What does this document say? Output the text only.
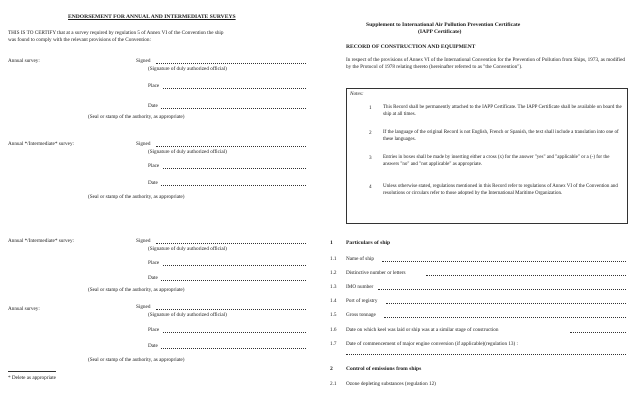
ENDORSEMENT FOR ANNUAL AND INTERMEDIATE SURVEYS
THIS IS TO CERTIFY that at a survey required by regulation 5 of Annex VI of the Convention the ship
was found to comply with the relevant provisions of the Convention:
Annual survey:	Signed
(Signature of duly authorized official)
Place
Date
(Seal or stamp of the authority, as appropriate)
Annual */Intermediate* survey:	Signed
(Signature of duly authorized official)
Place
Date
(Seal or stamp of the authority, as appropriate)
Annual */Intermediate* survey:	Signed
(Signature of duly authorized official)
Place
Date
(Seal or stamp of the authority, as appropriate)
Annual survey:	Signed
(Signature of duly authorized official)
Place
Date
(Seal or stamp of the authority, as appropriate)
* Delete as appropriate
Supplement to International Air Pollution Prevention Certificate
(IAPP Certificate)
RECORD OF CONSTRUCTION AND EQUIPMENT
In respect of the provisions of Annex VI of the International Convention for the Prevention of Pollution from Ships, 1973, as modified by the Protocol of 1978 relating thereto (hereinafter referred to as "the Convention").
Notes:
1 This Record shall be permanently attached to the IAPP Certificate. The IAPP Certificate shall be available on board the ship at all times.
2 If the language of the original Record is not English, French or Spanish, the text shall include a translation into one of these languages.
3 Entries in boxes shall be made by inserting either a cross (x) for the answer "yes" and "applicable" or a (-) for the answers "no" and "not applicable" as appropriate.
4 Unless otherwise stated, regulations mentioned in this Record refer to regulations of Annex VI of the Convention and resolutions or circulars refer to those adopted by the International Maritime Organization.
1 Particulars of ship
1.1 Name of ship
1.2 Distinctive number or letters
1.3 IMO number
1.4 Port of registry
1.5 Gross tonnage
1.6 Date on which keel was laid or ship was at a similar stage of construction
1.7 Date of commencement of major engine conversion (if applicable)(regulation 13) :
2 Control of emissions from ships
2.1 Ozone depleting substances (regulation 12)
